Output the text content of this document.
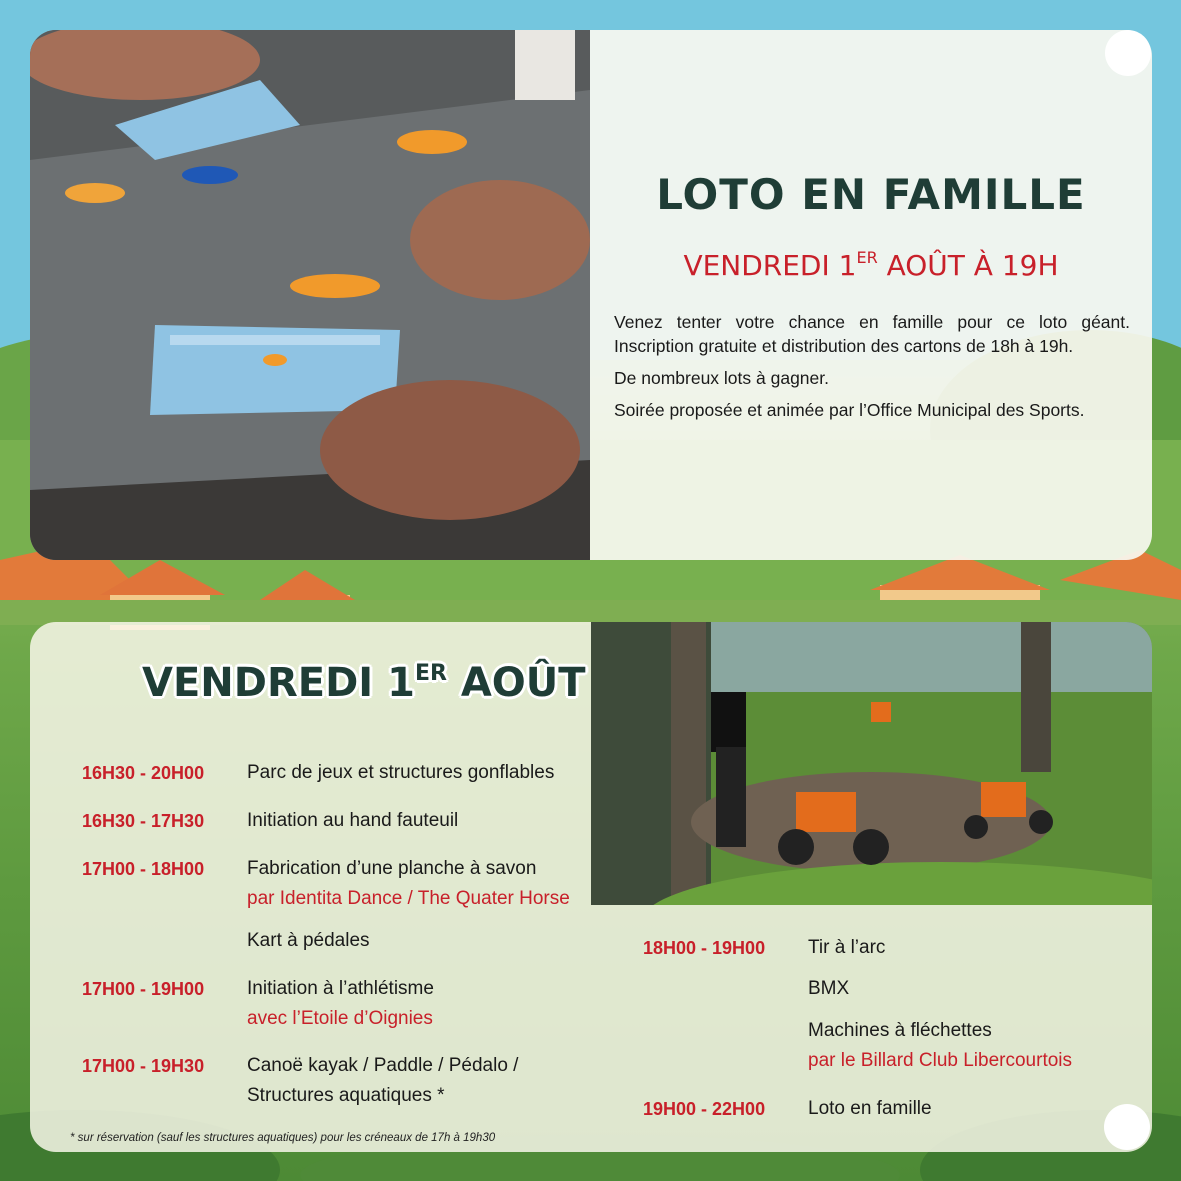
LOTO EN FAMILLE
VENDREDI 1ER AOÛT À 19H

Venez tenter votre chance en famille pour ce loto géant. Inscription gratuite et distribution des cartons de 18h à 19h.

De nombreux lots à gagner.

Soirée proposée et animée par l’Office Municipal des Sports.

VENDREDI 1ER AOÛT
16H30 - 20H00 Parc de jeux et structures gonflables
16H30 - 17H30 Initiation au hand fauteuil
17H00 - 18H00 Fabrication d’une planche à savon
par Identita Dance / The Quater Horse
Kart à pédales
17H00 - 19H00 Initiation à l’athlétisme
avec l’Etoile d’Oignies
17H00 - 19H30 Canoë kayak / Paddle / Pédalo /
Structures aquatiques *
18H00 - 19H00 Tir à l’arc
BMX
Machines à fléchettes
par le Billard Club Libercourtois
19H00 - 22H00 Loto en famille
* sur réservation (sauf les structures aquatiques) pour les créneaux de 17h à 19h30
